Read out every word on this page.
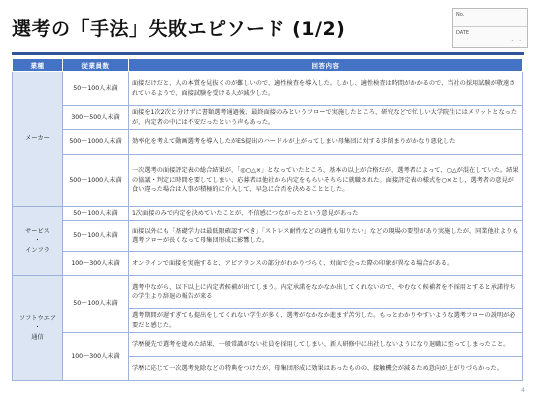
選考の「手法」失敗エピソード (1/2)
No.
DATE
. .
業種	従業員数	回答内容
メーカー	50〜100人未満	面接だけだと、人の本質を見抜くのが難しいので、適性検査を導入した。しかし、適性検査は時間がかかるので、当社の採用試験が敬遠されているようで、面接試験を受ける人が減少した。
	300〜500人未満	面接を1次2次と分けずに書類選考通過後、最終面接のみというフローで実施したところ、研究などで忙しい大学院生にはメリットとなったが、内定者の中には不安だったという声もあった。
	500〜1000人未満	効率化を考えて動画選考を導入したがES提出のハードルが上がってしまい母集団に対する歩留まりがかなり悪化した
	500〜1000人未満	一次選考の面接評定表の総合結果が、「◎○△×」となっていたところ、基本の以上が合格だが、選考者によって、○△が混在していた。結果の協議・判定に時間を要してしまい、応募者は他社から内定をもらいそちらに就職された。面接評定表の様式を○×とし、選考者の意見が食い違った場合は人事が積極的に介入して、早急に合否を決めることとした。
サービス
・
インフラ	50〜100人未満	1次面接のみで内定を決めていたことが、不信感につながったという意見があった
	50〜100人未満	面接以外にも「基礎学力は最低限確認すべき」「ストレス耐性などの適性も知りたい」などの現場の要望があり実施したが、同業他社よりも選考フローが長くなって母集団形成に影響した。
	100〜300人未満	オンラインで面接を実施すると、アピアランスの部分がわかりづらく、対面で会った際の印象が異なる場合がある。
ソフトウエア
・
通信	50〜100人未満	選考中ながら、以下以上に内定者候補が出てしまう。内定承諾をなかなか出してくれないので、やむなく候補者を不採用とすると承諾待ちの学生より辞退の報告が来る
		選考期間が遅すぎても提出をしてくれない学生が多く、選考がなかなか進まず苦労した。もっとわかりやすいような選考フローの説明が必要だと感じた。
	100〜300人未満	学歴優先で選考を進めた結果、一般常識がない社員を採用してしまい、新人研修中に出社しないようになり退職に至ってしまったこと。
		学歴に応じて一次選考免除などの特典をつけたが、母集団形成に効果はあったものの、接触機会が減るため意向が上がりづらかった。
4
